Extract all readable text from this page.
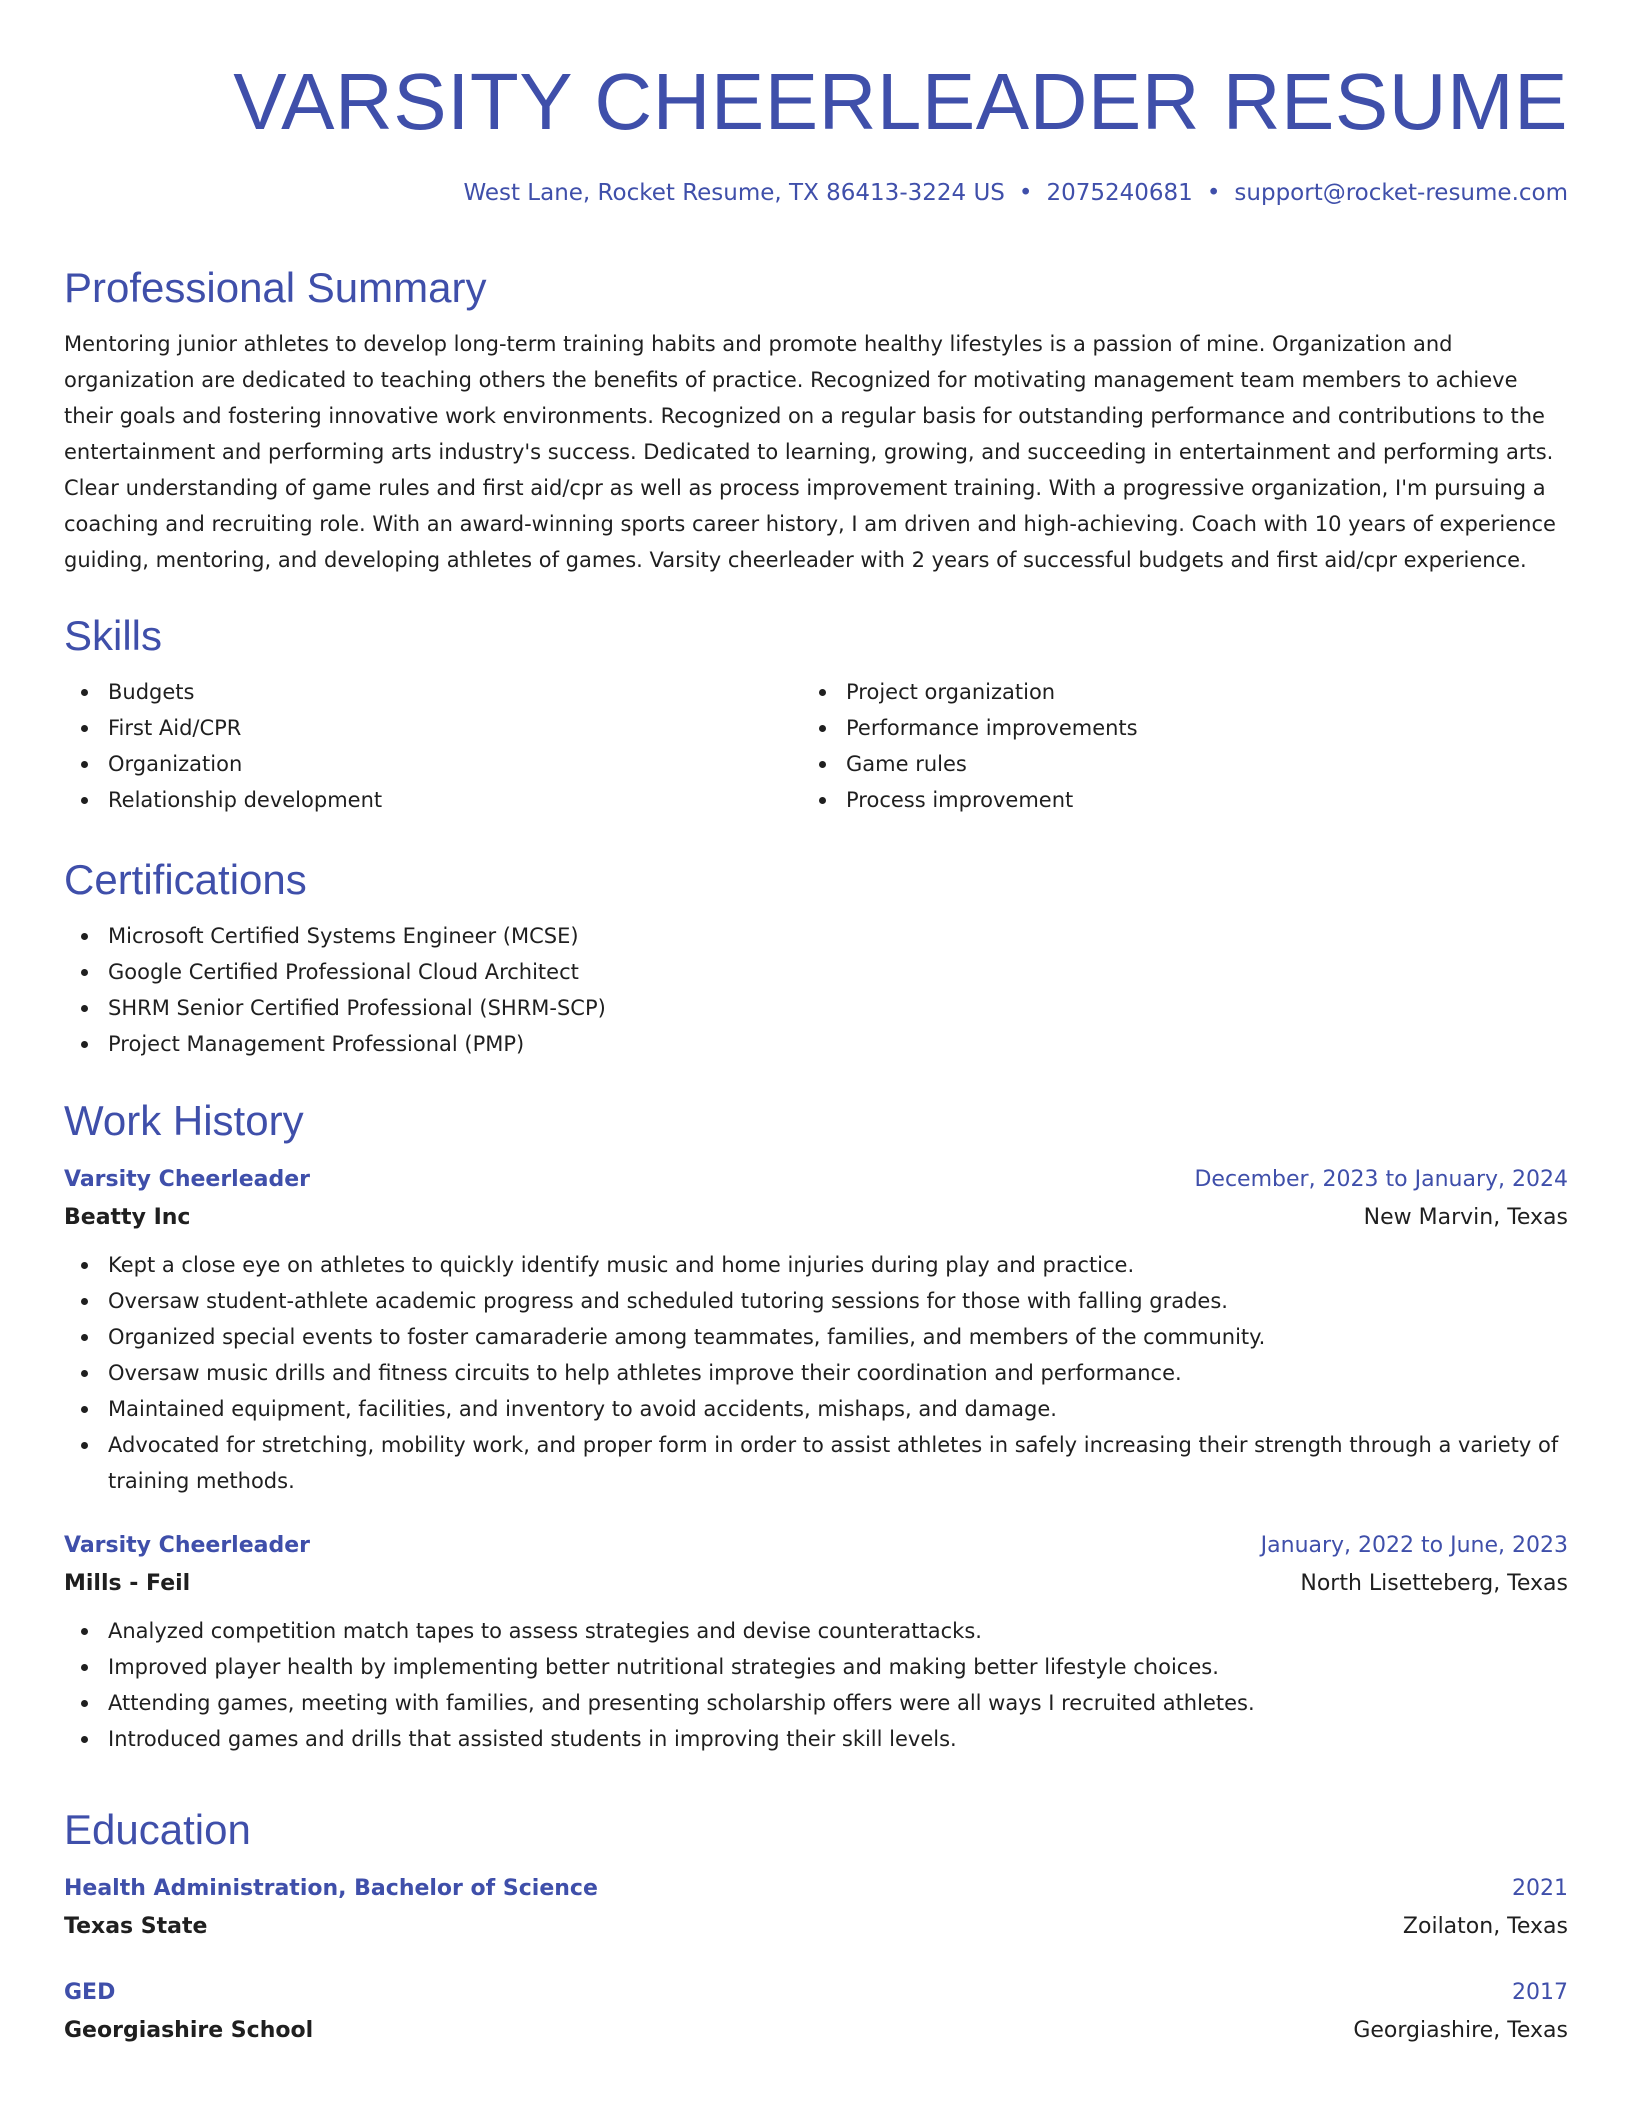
VARSITY CHEERLEADER RESUME
West Lane, Rocket Resume, TX 86413-3224 US • 2075240681 • support@rocket-resume.com
Professional Summary

Mentoring junior athletes to develop long-term training habits and promote healthy lifestyles is a passion of mine. Organization and organization are dedicated to teaching others the benefits of practice. Recognized for motivating management team members to achieve their goals and fostering innovative work environments. Recognized on a regular basis for outstanding performance and contributions to the entertainment and performing arts industry's success. Dedicated to learning, growing, and succeeding in entertainment and performing arts. Clear understanding of game rules and first aid/cpr as well as process improvement training. With a progressive organization, I'm pursuing a coaching and recruiting role. With an award-winning sports career history, I am driven and high-achieving. Coach with 10 years of experience guiding, mentoring, and developing athletes of games. Varsity cheerleader with 2 years of successful budgets and first aid/cpr experience.

Skills
Budgets
First Aid/CPR
Organization
Relationship development
Project organization
Performance improvements
Game rules
Process improvement
Certifications
Microsoft Certified Systems Engineer (MCSE)
Google Certified Professional Cloud Architect
SHRM Senior Certified Professional (SHRM-SCP)
Project Management Professional (PMP)
Work History
Varsity Cheerleader	December, 2023 to January, 2024
Beatty Inc	New Marvin, Texas
Kept a close eye on athletes to quickly identify music and home injuries during play and practice.
Oversaw student-athlete academic progress and scheduled tutoring sessions for those with falling grades.
Organized special events to foster camaraderie among teammates, families, and members of the community.
Oversaw music drills and fitness circuits to help athletes improve their coordination and performance.
Maintained equipment, facilities, and inventory to avoid accidents, mishaps, and damage.
Advocated for stretching, mobility work, and proper form in order to assist athletes in safely increasing their strength through a variety of training methods.
Varsity Cheerleader	January, 2022 to June, 2023
Mills - Feil	North Lisetteberg, Texas
Analyzed competition match tapes to assess strategies and devise counterattacks.
Improved player health by implementing better nutritional strategies and making better lifestyle choices.
Attending games, meeting with families, and presenting scholarship offers were all ways I recruited athletes.
Introduced games and drills that assisted students in improving their skill levels.
Education
Health Administration, Bachelor of Science	2021
Texas State	Zoilaton, Texas
GED	2017
Georgiashire School	Georgiashire, Texas
